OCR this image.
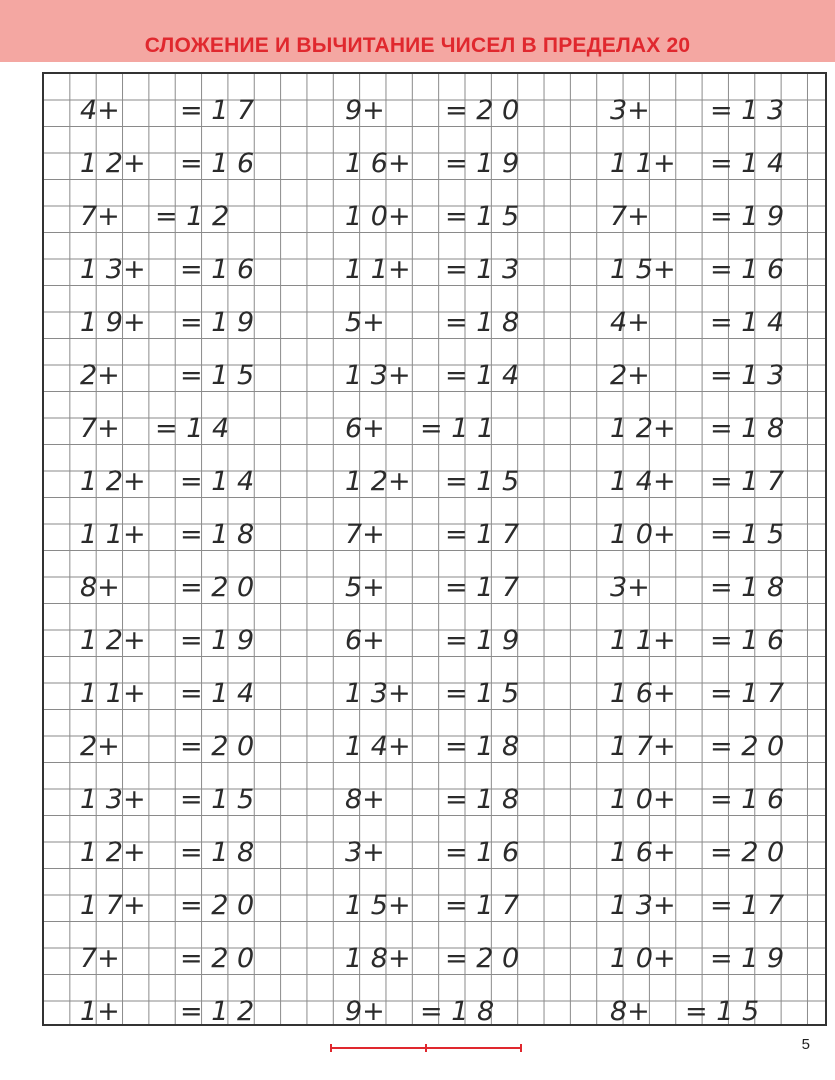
СЛОЖЕНИЕ И ВЫЧИТАНИЕ ЧИСЕЛ В ПРЕДЕЛАХ 20
4+ = 1 7
1 2+ = 1 6
7+ = 1 2
1 3+ = 1 6
1 9+ = 1 9
2+ = 1 5
7+ = 1 4
1 2+ = 1 4
1 1+ = 1 8
8+ = 2 0
1 2+ = 1 9
1 1+ = 1 4
2+ = 2 0
1 3+ = 1 5
1 2+ = 1 8
1 7+ = 2 0
7+ = 2 0
1+ = 1 2
9+ = 2 0
1 6+ = 1 9
1 0+ = 1 5
1 1+ = 1 3
5+ = 1 8
1 3+ = 1 4
6+ = 1 1
1 2+ = 1 5
7+ = 1 7
5+ = 1 7
6+ = 1 9
1 3+ = 1 5
1 4+ = 1 8
8+ = 1 8
3+ = 1 6
1 5+ = 1 7
1 8+ = 2 0
9+ = 1 8
3+ = 1 3
1 1+ = 1 4
7+ = 1 9
1 5+ = 1 6
4+ = 1 4
2+ = 1 3
1 2+ = 1 8
1 4+ = 1 7
1 0+ = 1 5
3+ = 1 8
1 1+ = 1 6
1 6+ = 1 7
1 7+ = 2 0
1 0+ = 1 6
1 6+ = 2 0
1 3+ = 1 7
1 0+ = 1 9
8+ = 1 5
5
